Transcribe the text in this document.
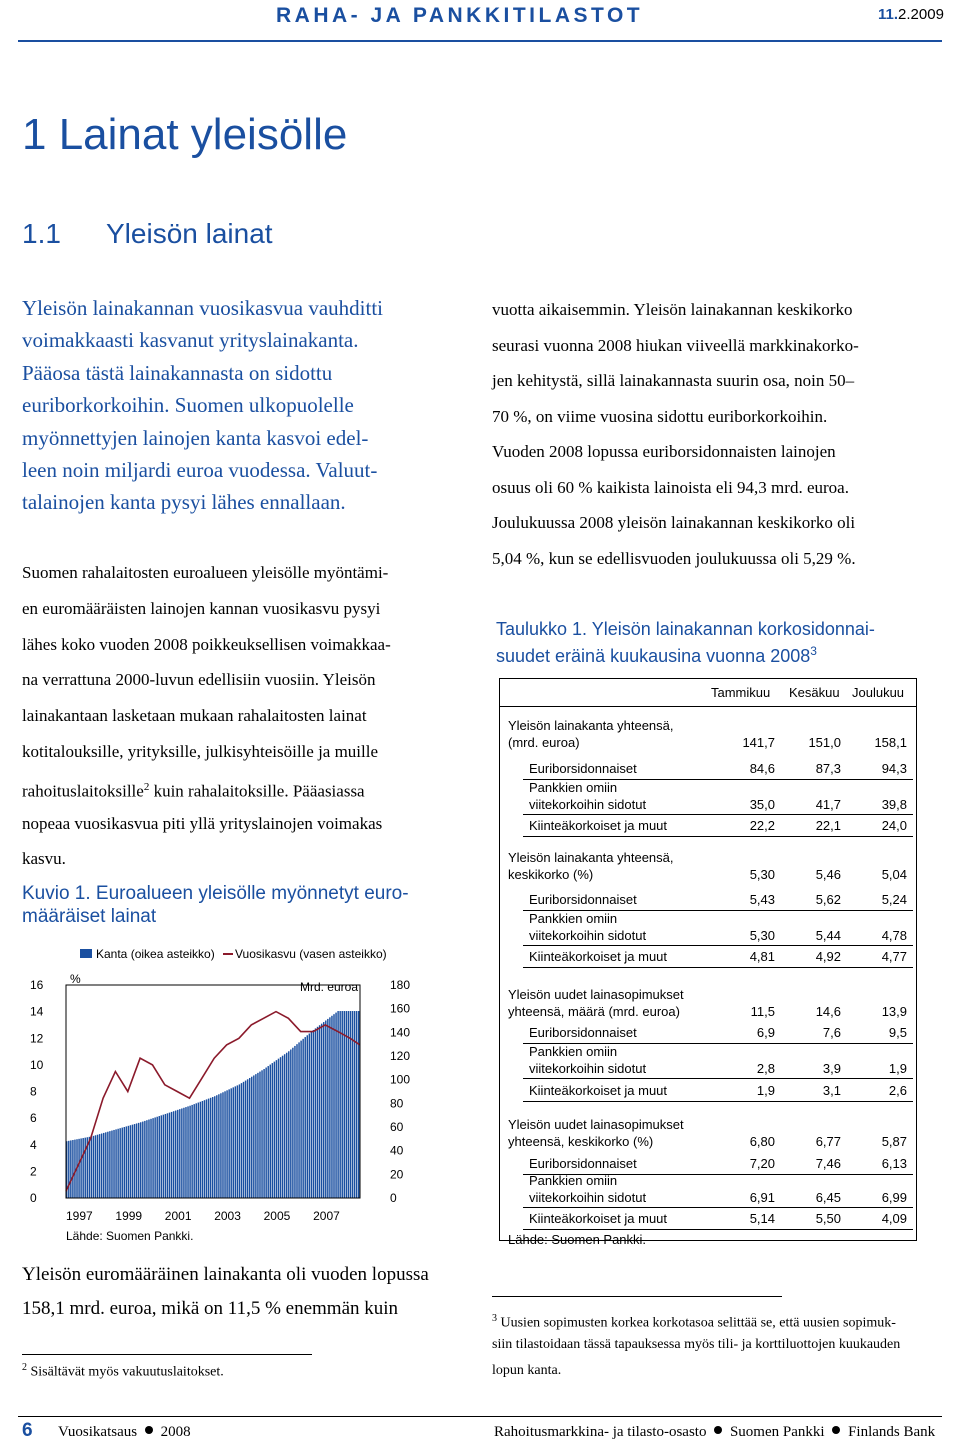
RAHA- JA PANKKITILASTOT	11.2.2009
1 Lainat yleisölle
1.1 Yleisön lainat
Yleisön lainakannan vuosikasvua vauhditti
voimakkaasti kasvanut yrityslainakanta.
Pääosa tästä lainakannasta on sidottu
euriborkorkoihin. Suomen ulkopuolelle
myönnettyjen lainojen kanta kasvoi edel-
leen noin miljardi euroa vuodessa. Valuut-
talainojen kanta pysyi lähes ennallaan.
Suomen rahalaitosten euroalueen yleisölle myöntämi-
en euromääräisten lainojen kannan vuosikasvu pysyi
lähes koko vuoden 2008 poikkeuksellisen voimakkaa-
na verrattuna 2000-luvun edellisiin vuosiin. Yleisön
lainakantaan lasketaan mukaan rahalaitosten lainat
kotitalouksille, yrityksille, julkisyhteisöille ja muille
rahoituslaitoksille$^2$ kuin rahalaitoksille. Pääasiassa
nopeaa vuosikasvua piti yllä yrityslainojen voimakas
kasvu.
vuotta aikaisemmin. Yleisön lainakannan keskikorko
seurasi vuonna 2008 hiukan viiveellä markkinakorko-
jen kehitystä, sillä lainakannasta suurin osa, noin 50–
70 %, on viime vuosina sidottu euriborkorkoihin.
Vuoden 2008 lopussa euriborsidonnaisten lainojen
osuus oli 60 % kaikista lainoista eli 94,3 mrd. euroa.
Joulukuussa 2008 yleisön lainakannan keskikorko oli
5,04 %, kun se edellisvuoden joulukuussa oli 5,29 %.
Kuvio 1. Euroalueen yleisölle myönnetyt euro-
määräiset lainat
Kanta (oikea asteikko) Vuosikasvu (vasen asteikko)
%
Mrd. euroa
16
14
12
10
8
6
4
2
0
180
160
140
120
100
80
60
40
20
0
1997 1999 2001 2003 2005 2007
Lähde: Suomen Pankki.
Yleisön euromääräinen lainakanta oli vuoden lopussa
158,1 mrd. euroa, mikä on 11,5 % enemmän kuin
$^2$ Sisältävät myös vakuutuslaitokset.
Taulukko 1. Yleisön lainakannan korkosidonnai-
suudet eräinä kuukausina vuonna 2008$^3$
Tammikuu Kesäkuu Joulukuu
Yleisön lainakanta yhteensä,
(mrd. euroa)	141,7	151,0	158,1
Euriborsidonnaiset	84,6	87,3	94,3
Pankkien omiin
viitekorkoihin sidotut	35,0	41,7	39,8
Kiinteäkorkoiset ja muut	22,2	22,1	24,0
Yleisön lainakanta yhteensä,
keskikorko (%)	5,30	5,46	5,04
Euriborsidonnaiset	5,43	5,62	5,24
Pankkien omiin
viitekorkoihin sidotut	5,30	5,44	4,78
Kiinteäkorkoiset ja muut	4,81	4,92	4,77
Yleisön uudet lainasopimukset
yhteensä, määrä (mrd. euroa)	11,5	14,6	13,9
Euriborsidonnaiset	6,9	7,6	9,5
Pankkien omiin
viitekorkoihin sidotut	2,8	3,9	1,9
Kiinteäkorkoiset ja muut	1,9	3,1	2,6
Yleisön uudet lainasopimukset
yhteensä, keskikorko (%)	6,80	6,77	5,87
Euriborsidonnaiset	7,20	7,46	6,13
Pankkien omiin
viitekorkoihin sidotut	6,91	6,45	6,99
Kiinteäkorkoiset ja muut	5,14	5,50	4,09
Lähde: Suomen Pankki.
$^3$ Uusien sopimusten korkea korkotasoa selittää se, että uusien sopimuk-
siin tilastoidaan tässä tapauksessa myös tili- ja korttiluottojen kuukauden
lopun kanta.
6 Vuosikatsaus 2008	Rahoitusmarkkina- ja tilasto-osasto Suomen Pankki Finlands Bank
